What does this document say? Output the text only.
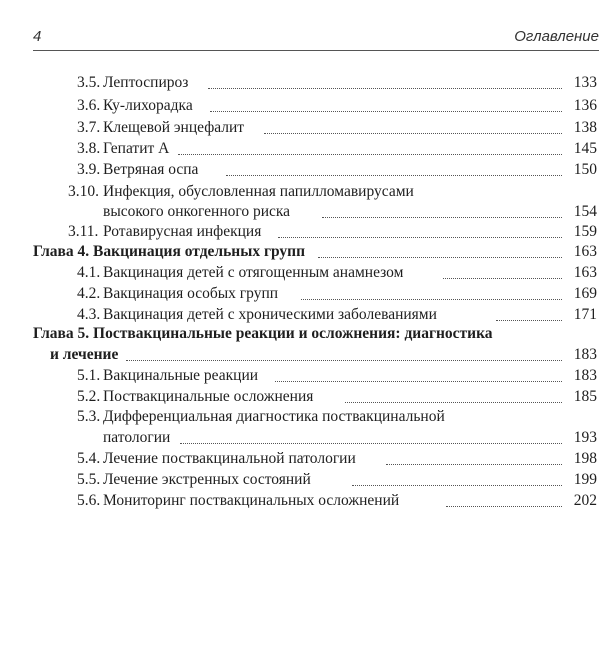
4	Оглавление
3.5. Лептоспироз	133
3.6. Ку-лихорадка	136
3.7. Клещевой энцефалит	138
3.8. Гепатит А	145
3.9. Ветряная оспа	150
3.10. Инфекция, обусловленная папилломавирусами
высокого онкогенного риска	154
3.11. Ротавирусная инфекция	159
Глава 4. Вакцинация отдельных групп	163
4.1. Вакцинация детей с отягощенным анамнезом	163
4.2. Вакцинация особых групп	169
4.3. Вакцинация детей с хроническими заболеваниями	171
Глава 5. Поствакцинальные реакции и осложнения: диагностика
и лечение	183
5.1. Вакцинальные реакции	183
5.2. Поствакцинальные осложнения	185
5.3. Дифференциальная диагностика поствакцинальной
патологии	193
5.4. Лечение поствакцинальной патологии	198
5.5. Лечение экстренных состояний	199
5.6. Мониторинг поствакцинальных осложнений	202
